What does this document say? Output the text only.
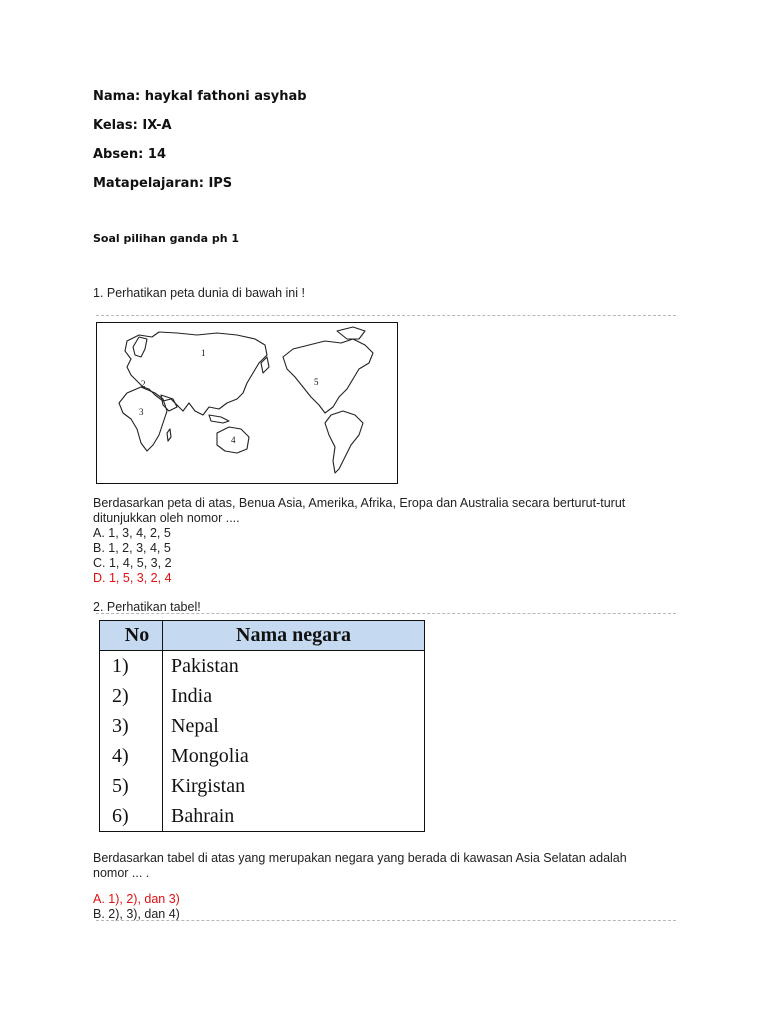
Nama: haykal fathoni asyhab
Kelas: IX-A
Absen: 14
Matapelajaran: IPS
Soal pilihan ganda ph 1
1. Perhatikan peta dunia di bawah ini !
1
2
3
4
5
Berdasarkan peta di atas, Benua Asia, Amerika, Afrika, Eropa dan Australia secara berturut-turut
ditunjukkan oleh nomor ....
A. 1, 3, 4, 2, 5
B. 1, 2, 3, 4, 5
C. 1, 4, 5, 3, 2
D. 1, 5, 3, 2, 4
2. Perhatikan tabel!
No	Nama negara
1)	Pakistan
2)	India
3)	Nepal
4)	Mongolia
5)	Kirgistan
6)	Bahrain
Berdasarkan tabel di atas yang merupakan negara yang berada di kawasan Asia Selatan adalah
nomor ... .
A. 1), 2), dan 3)
B. 2), 3), dan 4)
